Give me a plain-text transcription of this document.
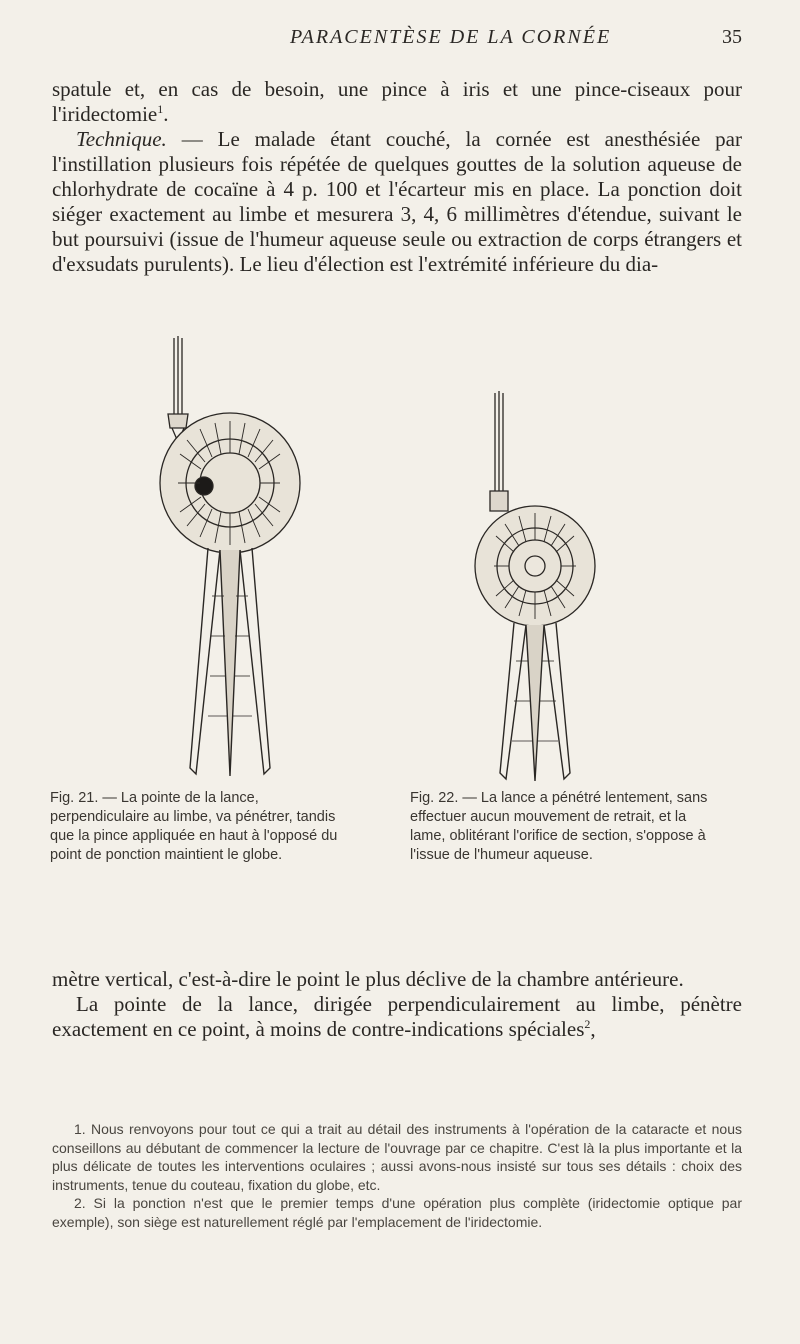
PARACENTÈSE DE LA CORNÉE	35

spatule et, en cas de besoin, une pince à iris et une pince-ciseaux pour l'iridectomie$^1$.

Technique. — Le malade étant couché, la cornée est anesthésiée par l'instillation plusieurs fois répétée de quelques gouttes de la solution aqueuse de chlorhydrate de cocaïne à 4 p. 100 et l'écarteur mis en place. La ponction doit siéger exactement au limbe et mesurera 3, 4, 6 millimètres d'étendue, suivant le but poursuivi (issue de l'humeur aqueuse seule ou extraction de corps étrangers et d'exsudats purulents). Le lieu d'élection est l'extrémité inférieure du dia-

Fig. 21. — La pointe de la lance, perpendiculaire au limbe, va pénétrer, tandis que la pince appliquée en haut à l'opposé du point de ponction maintient le globe.
Fig. 22. — La lance a pénétré lentement, sans effectuer aucun mouvement de retrait, et la lame, oblitérant l'orifice de section, s'oppose à l'issue de l'humeur aqueuse.

mètre vertical, c'est-à-dire le point le plus déclive de la chambre antérieure.

La pointe de la lance, dirigée perpendiculairement au limbe, pénètre exactement en ce point, à moins de contre-indications spéciales$^2$,

1. Nous renvoyons pour tout ce qui a trait au détail des instruments à l'opération de la cataracte et nous conseillons au débutant de commencer la lecture de l'ouvrage par ce chapitre. C'est là la plus importante et la plus délicate de toutes les interventions oculaires ; aussi avons-nous insisté sur tous ses détails : choix des instruments, tenue du couteau, fixation du globe, etc.

2. Si la ponction n'est que le premier temps d'une opération plus complète (iridectomie optique par exemple), son siège est naturellement réglé par l'emplacement de l'iridectomie.
